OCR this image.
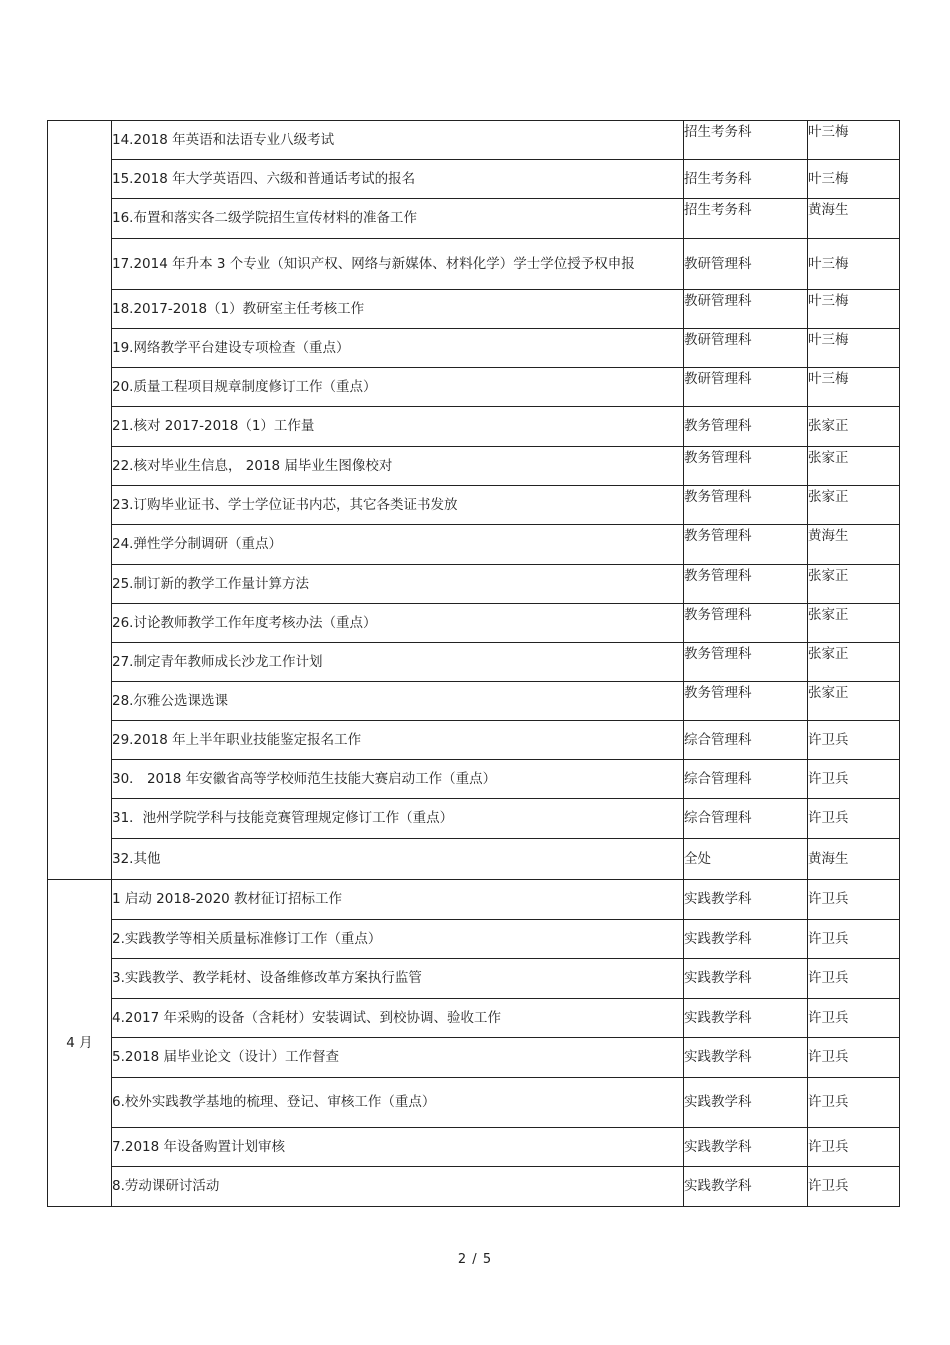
	14.2018 年英语和法语专业八级考试	招生考务科	叶三梅
	15.2018 年大学英语四、六级和普通话考试的报名	招生考务科	叶三梅
	16.布置和落实各二级学院招生宣传材料的准备工作	招生考务科	黄海生
	17.2014 年升本 3 个专业（知识产权、网络与新媒体、材料化学）学士学位授予权申报	教研管理科	叶三梅
	18.2017-2018（1）教研室主任考核工作	教研管理科	叶三梅
	19.网络教学平台建设专项检查（重点）	教研管理科	叶三梅
	20.质量工程项目规章制度修订工作（重点）	教研管理科	叶三梅
	21.核对 2017-2018（1）工作量	教务管理科	张家正
	22.核对毕业生信息， 2018 届毕业生图像校对	教务管理科	张家正
	23.订购毕业证书、学士学位证书内芯，其它各类证书发放	教务管理科	张家正
	24.弹性学分制调研（重点）	教务管理科	黄海生
	25.制订新的教学工作量计算方法	教务管理科	张家正
	26.讨论教师教学工作年度考核办法（重点）	教务管理科	张家正
	27.制定青年教师成长沙龙工作计划	教务管理科	张家正
	28.尔雅公选课选课	教务管理科	张家正
	29.2018 年上半年职业技能鉴定报名工作	综合管理科	许卫兵
	30． 2018 年安徽省高等学校师范生技能大赛启动工作（重点）	综合管理科	许卫兵
	31．池州学院学科与技能竞赛管理规定修订工作（重点）	综合管理科	许卫兵
	32.其他	全处	黄海生
4 月	1 启动 2018-2020 教材征订招标工作	实践教学科	许卫兵
	2.实践教学等相关质量标准修订工作（重点）	实践教学科	许卫兵
	3.实践教学、教学耗材、设备维修改革方案执行监管	实践教学科	许卫兵
	4.2017 年采购的设备（含耗材）安装调试、到校协调、验收工作	实践教学科	许卫兵
	5.2018 届毕业论文（设计）工作督查	实践教学科	许卫兵
	6.校外实践教学基地的梳理、登记、审核工作（重点）	实践教学科	许卫兵
	7.2018 年设备购置计划审核	实践教学科	许卫兵
	8.劳动课研讨活动	实践教学科	许卫兵
2 / 5
